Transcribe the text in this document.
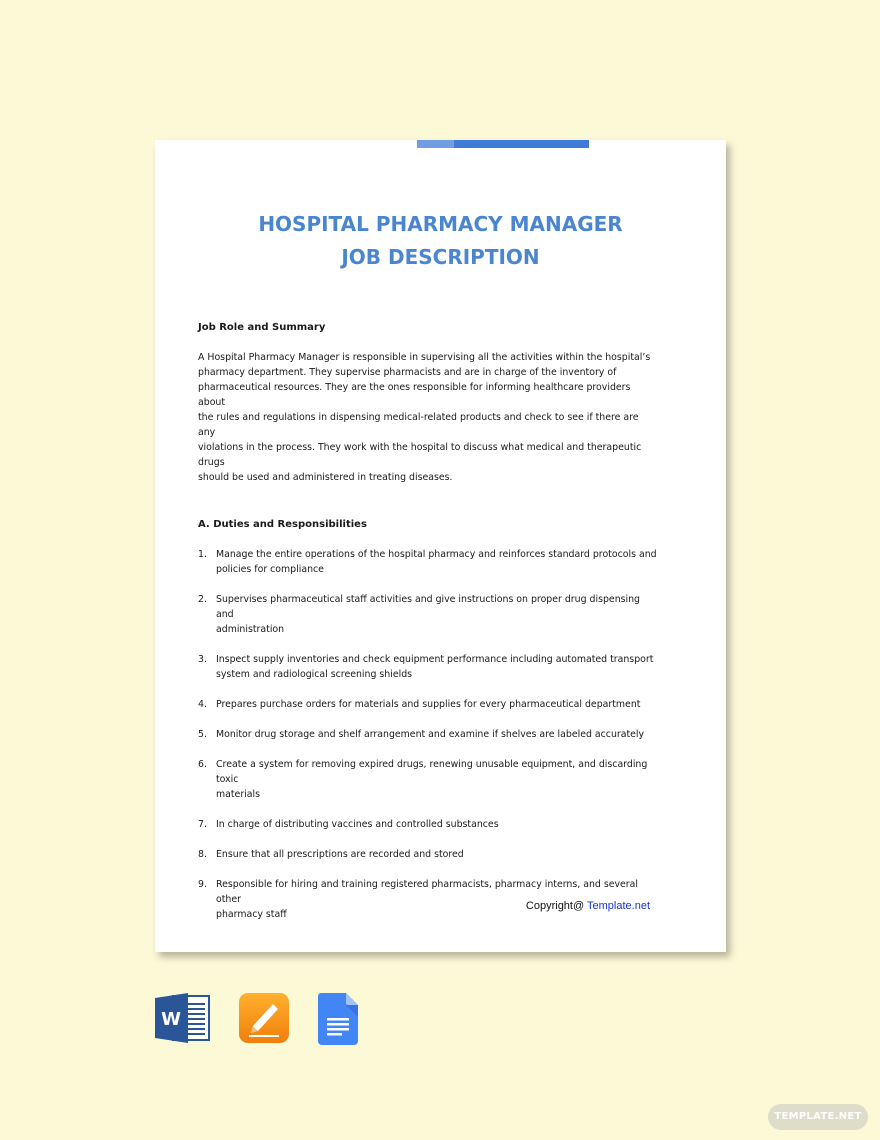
HOSPITAL PHARMACY MANAGER
JOB DESCRIPTION

Job Role and Summary

A Hospital Pharmacy Manager is responsible in supervising all the activities within the hospital’s
pharmacy department. They supervise pharmacists and are in charge of the inventory of
pharmaceutical resources. They are the ones responsible for informing healthcare providers about
the rules and regulations in dispensing medical-related products and check to see if there are any
violations in the process. They work with the hospital to discuss what medical and therapeutic drugs
should be used and administered in treating diseases.

A. Duties and Responsibilities

1. Manage the entire operations of the hospital pharmacy and reinforces standard protocols and
policies for compliance
2. Supervises pharmaceutical staff activities and give instructions on proper drug dispensing and
administration
3. Inspect supply inventories and check equipment performance including automated transport
system and radiological screening shields
4. Prepares purchase orders for materials and supplies for every pharmaceutical department
5. Monitor drug storage and shelf arrangement and examine if shelves are labeled accurately
6. Create a system for removing expired drugs, renewing unusable equipment, and discarding toxic
materials
7. In charge of distributing vaccines and controlled substances
8. Ensure that all prescriptions are recorded and stored
9. Responsible for hiring and training registered pharmacists, pharmacy interns, and several other
pharmacy staff
Copyright@ Template.net
W
TEMPLATE.NET
